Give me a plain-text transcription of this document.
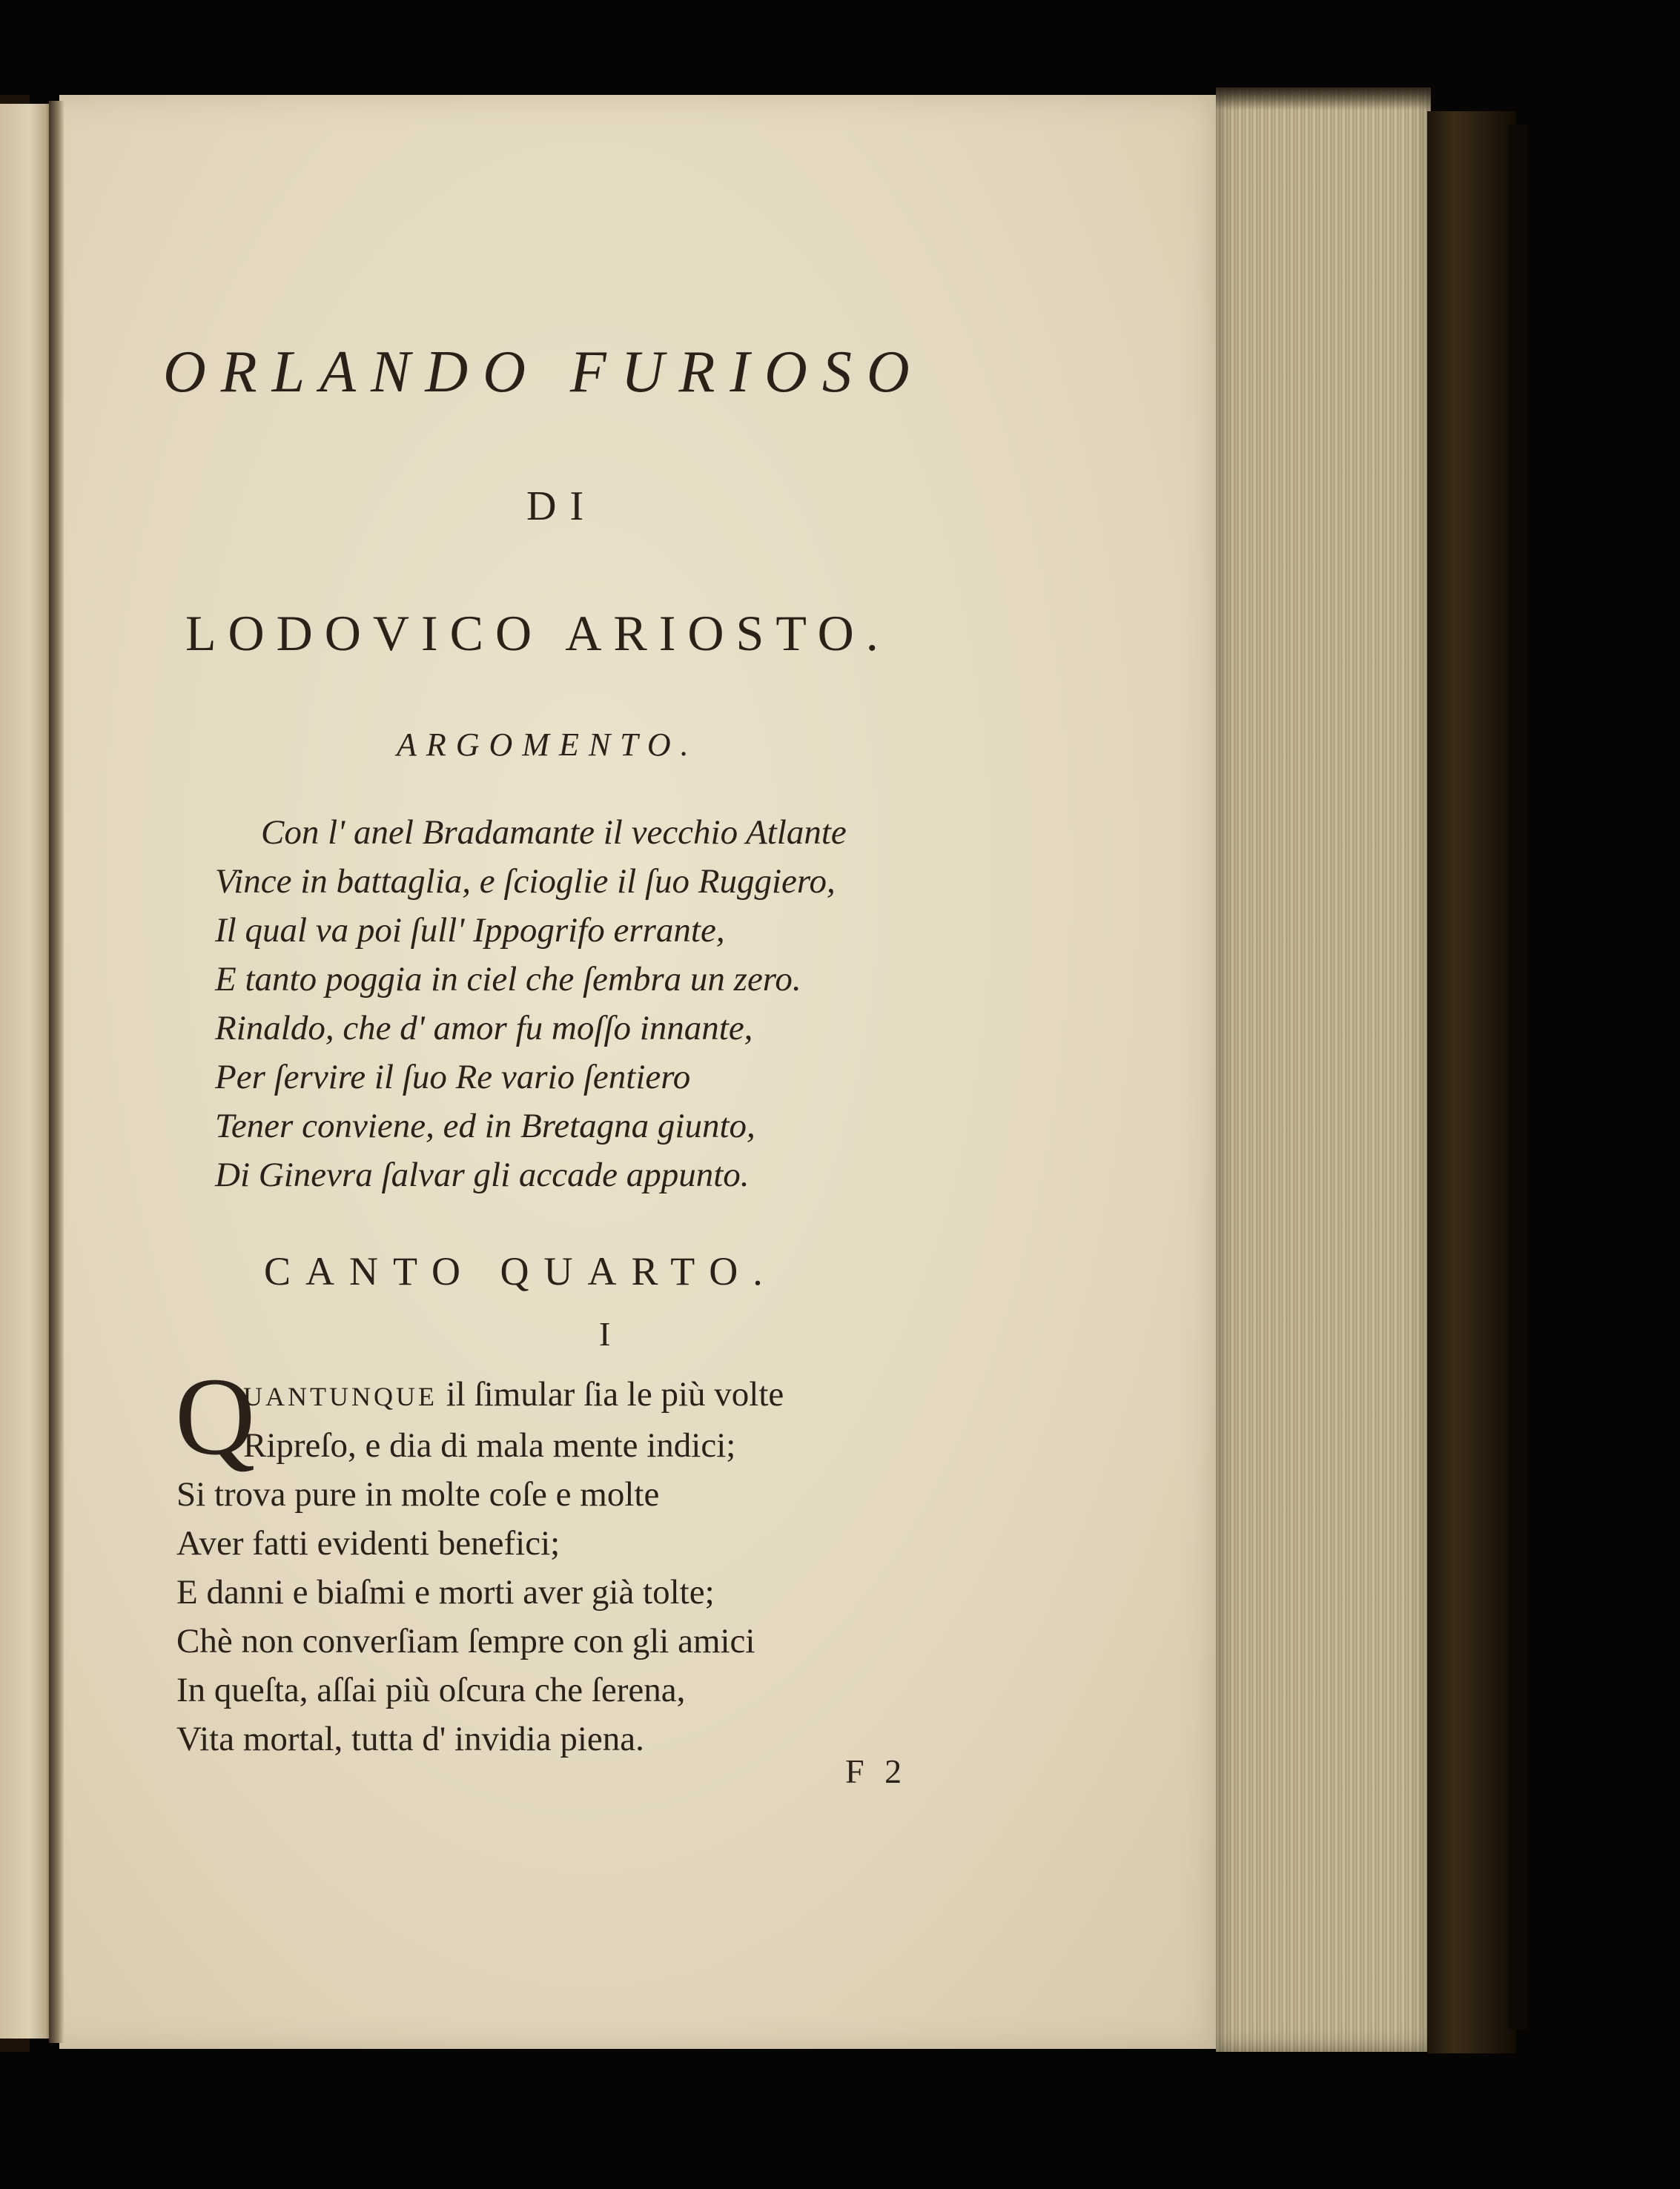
ORLANDO FURIOSO

DI

LODOVICO ARIOSTO.

ARGOMENTO.

Con l' anel Bradamante il vecchio Atlante
Vince in battaglia, e ſcioglie il ſuo Ruggiero,
Il qual va poi ſull' Ippogrifo errante,
E tanto poggia in ciel che ſembra un zero.
Rinaldo, che d' amor fu moſſo innante,
Per ſervire il ſuo Re vario ſentiero
Tener conviene, ed in Bretagna giunto,
Di Ginevra ſalvar gli accade appunto.

CANTO QUARTO.

I

Q

UANTUNQUE il ſimular ſia le più volte
Ripreſo, e dia di mala mente indici;
Si trova pure in molte coſe e molte
Aver fatti evidenti benefici;
E danni e biaſmi e morti aver già tolte;
Chè non converſiam ſempre con gli amici
In queſta, aſſai più oſcura che ſerena,
Vita mortal, tutta d' invidia piena.

F 2
